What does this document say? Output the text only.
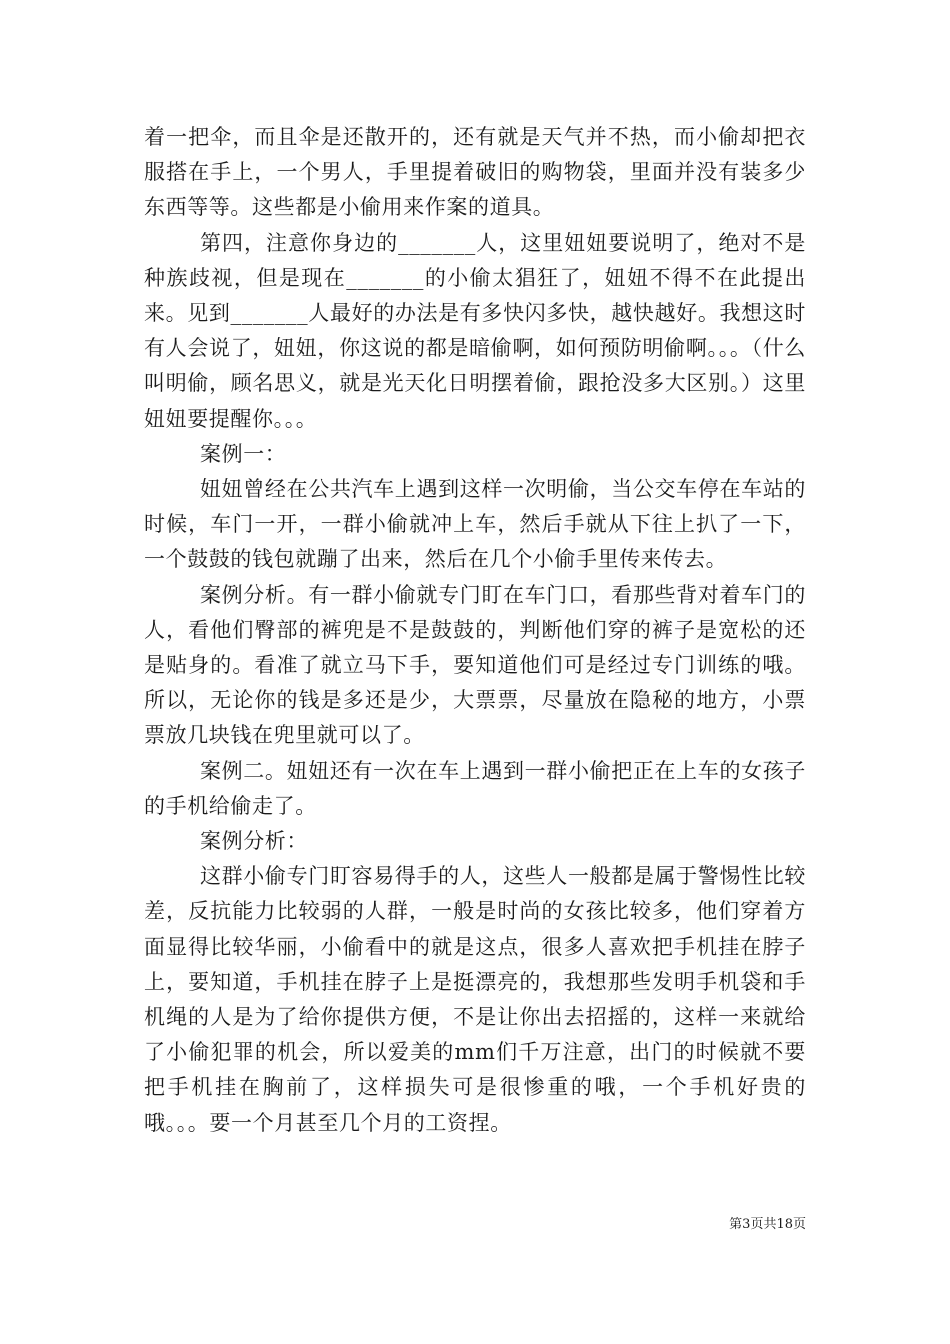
着一把伞，而且伞是还散开的，还有就是天气并不热，而小偷却把衣服搭在手上，一个男人，手里提着破旧的购物袋，里面并没有装多少东西等等。这些都是小偷用来作案的道具。

第四，注意你身边的_______人，这里妞妞要说明了，绝对不是种族歧视，但是现在_______的小偷太猖狂了，妞妞不得不在此提出来。见到_______人最好的办法是有多快闪多快，越快越好。我想这时有人会说了，妞妞，你这说的都是暗偷啊，如何预防明偷啊。。。（什么叫明偷，顾名思义，就是光天化日明摆着偷，跟抢没多大区别。）这里妞妞要提醒你。。。

案例一：

妞妞曾经在公共汽车上遇到这样一次明偷，当公交车停在车站的时候，车门一开，一群小偷就冲上车，然后手就从下往上扒了一下，一个鼓鼓的钱包就蹦了出来，然后在几个小偷手里传来传去。

案例分析。有一群小偷就专门盯在车门口，看那些背对着车门的人，看他们臀部的裤兜是不是鼓鼓的，判断他们穿的裤子是宽松的还是贴身的。看准了就立马下手，要知道他们可是经过专门训练的哦。所以，无论你的钱是多还是少，大票票，尽量放在隐秘的地方，小票票放几块钱在兜里就可以了。

案例二。妞妞还有一次在车上遇到一群小偷把正在上车的女孩子的手机给偷走了。

案例分析：

这群小偷专门盯容易得手的人，这些人一般都是属于警惕性比较差，反抗能力比较弱的人群，一般是时尚的女孩比较多，他们穿着方面显得比较华丽，小偷看中的就是这点，很多人喜欢把手机挂在脖子上，要知道，手机挂在脖子上是挺漂亮的，我想那些发明手机袋和手机绳的人是为了给你提供方便，不是让你出去招摇的，这样一来就给了小偷犯罪的机会，所以爱美的mm们千万注意，出门的时候就不要把手机挂在胸前了，这样损失可是很惨重的哦，一个手机好贵的哦。。。要一个月甚至几个月的工资捏。

第3页共18页
